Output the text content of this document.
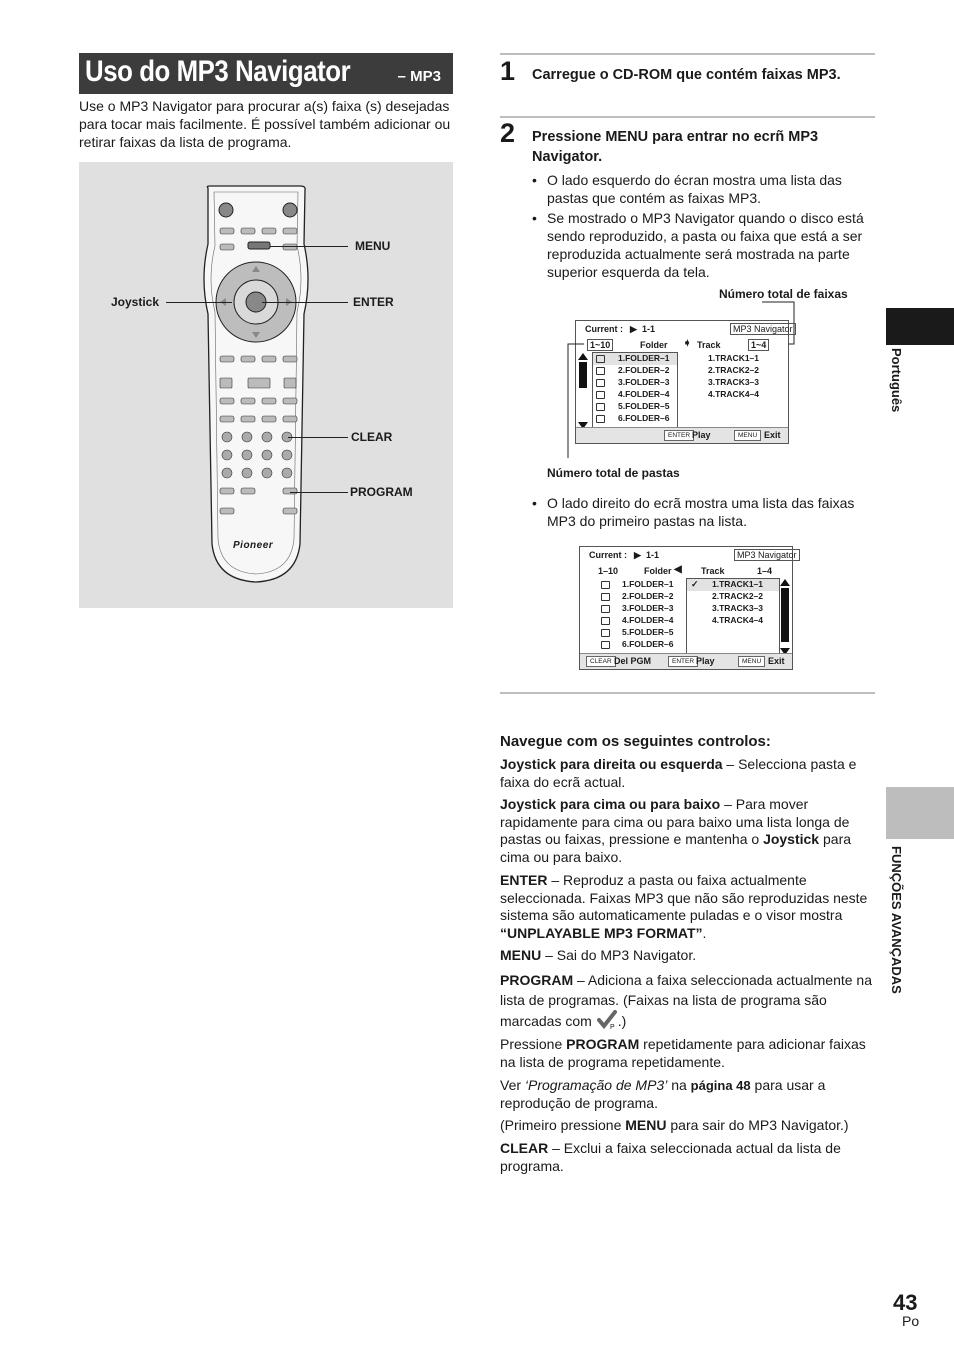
Uso do MP3 Navigator	– MP3

Use o MP3 Navigator para procurar a(s) faixa (s) desejadas para tocar mais facilmente. É possível também adicionar ou retirar faixas da lista de programa.

Pioneer
MENU
Joystick	ENTER
CLEAR
PROGRAM
1 Carregue o CD-ROM que contém faixas MP3.
2 Pressione MENU para entrar no ecrñ MP3 Navigator.
• O lado esquerdo do écran mostra uma lista das pastas que contém as faixas MP3.
• Se mostrado o MP3 Navigator quando o disco está sendo reproduzido, a pasta ou faixa que está a ser reproduzida actualmente será mostrada na parte superior esquerda da tela.
Número total de faixas
Current : ▶ 1-1	MP3 Navigator
1~10	Folder ➧ Track	1~4
1.FOLDER–1
2.FOLDER–2
3.FOLDER–3
4.FOLDER–4
5.FOLDER–5
6.FOLDER–6
1.TRACK1–1
2.TRACK2–2
3.TRACK3–3
4.TRACK4–4
ENTER Play	MENU Exit
Número total de pastas
• O lado direito do ecrã mostra uma lista das faixas MP3 do primeiro pastas na lista.
Current : ▶ 1-1	MP3 Navigator
1–10	Folder ◀ Track	1–4
✓
1.FOLDER–1
2.FOLDER–2
3.FOLDER–3
4.FOLDER–4
5.FOLDER–5
6.FOLDER–6
1.TRACK1–1
2.TRACK2–2
3.TRACK3–3
4.TRACK4–4
CLEAR Del PGM	ENTER Play	MENU Exit
Navegue com os seguintes controlos:

Joystick para direita ou esquerda – Selecciona pasta e faixa do ecrã actual.

Joystick para cima ou para baixo – Para mover rapidamente para cima ou para baixo uma lista longa de pastas ou faixas, pressione e mantenha o Joystick para cima ou para baixo.

ENTER – Reproduz a pasta ou faixa actualmente seleccionada. Faixas MP3 que não são reproduzidas neste sistema são automaticamente puladas e o visor mostra “UNPLAYABLE MP3 FORMAT”.

MENU – Sai do MP3 Navigator.

PROGRAM – Adiciona a faixa seleccionada actualmente na lista de programas. (Faixas na lista de programa são marcadas com P .)

Pressione PROGRAM repetidamente para adicionar faixas na lista de programa repetidamente.

Ver ‘Programação de MP3’ na página 48 para usar a reprodução de programa.

(Primeiro pressione MENU para sair do MP3 Navigator.)

CLEAR – Exclui a faixa seleccionada actual da lista de programa.

Português
FUNÇÕES AVANÇADAS
43
Po
